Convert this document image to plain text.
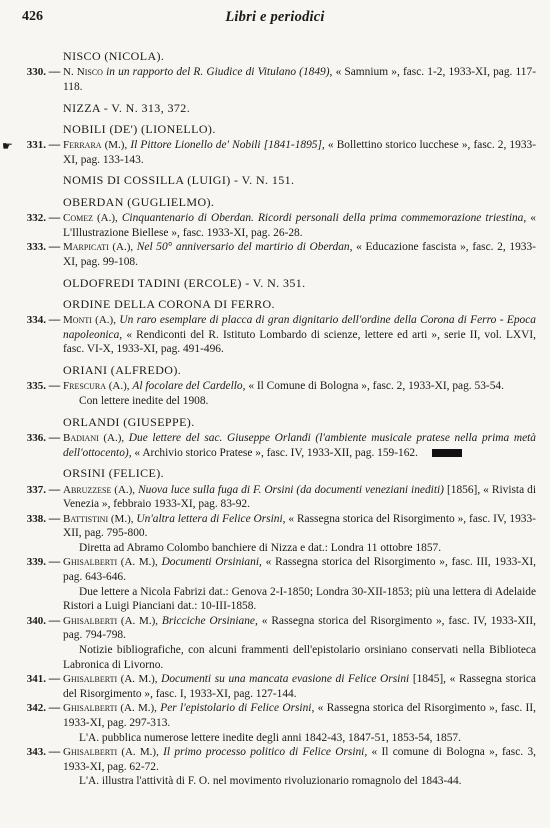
426	Libri e periodici
NISCO (NICOLA).
330. — N. Nisco in un rapporto del R. Giudice di Vitulano (1849), « Samnium », fasc. 1-2, 1933-XI, pag. 117-118.
NIZZA - V. N. 313, 372.
NOBILI (DE') (LIONELLO).
☛	331. — Ferrara (M.), Il Pittore Lionello de' Nobili [1841-1895], « Bollettino storico lucchese », fasc. 2, 1933-XI, pag. 133-143.
NOMIS DI COSSILLA (LUIGI) - V. N. 151.
OBERDAN (GUGLIELMO).
332. — Comez (A.), Cinquantenario di Oberdan. Ricordi personali della prima commemorazione triestina, « L'Illustrazione Biellese », fasc. 1933-XI, pag. 26-28.
333. — Marpicati (A.), Nel 50° anniversario del martirio di Oberdan, « Educazione fascista », fasc. 2, 1933-XI, pag. 99-108.
OLDOFREDI TADINI (ERCOLE) - V. N. 351.
ORDINE DELLA CORONA DI FERRO.
334. — Monti (A.), Un raro esemplare di placca di gran dignitario dell'ordine della Corona di Ferro - Epoca napoleonica, « Rendiconti del R. Istituto Lombardo di scienze, lettere ed arti », serie II, vol. LXVI, fasc. VI-X, 1933-XI, pag. 491-496.
ORIANI (ALFREDO).
335. — Frescura (A.), Al focolare del Cardello, « Il Comune di Bologna », fasc. 2, 1933-XI, pag. 53-54.

Con lettere inedite del 1908.

ORLANDI (GIUSEPPE).
336. — Badiani (A.), Due lettere del sac. Giuseppe Orlandi (l'ambiente musicale pratese nella prima metà dell'ottocento), « Archivio storico Pratese », fasc. IV, 1933-XII, pag. 159-162.
ORSINI (FELICE).
337. — Abruzzese (A.), Nuova luce sulla fuga di F. Orsini (da documenti veneziani inediti) [1856], « Rivista di Venezia », febbraio 1933-XI, pag. 83-92.
338. — Battistini (M.), Un'altra lettera di Felice Orsini, « Rassegna storica del Risorgimento », fasc. IV, 1933-XII, pag. 795-800.

Diretta ad Abramo Colombo banchiere di Nizza e dat.: Londra 11 ottobre 1857.

339. — Ghisalberti (A. M.), Documenti Orsiniani, « Rassegna storica del Risorgimento », fasc. III, 1933-XI, pag. 643-646.

Due lettere a Nicola Fabrizi dat.: Genova 2-I-1850; Londra 30-XII-1853; più una lettera di Adelaide Ristori a Luigi Pianciani dat.: 10-III-1858.

340. — Ghisalberti (A. M.), Bricciche Orsiniane, « Rassegna storica del Risorgimento », fasc. IV, 1933-XII, pag. 794-798.

Notizie bibliografiche, con alcuni frammenti dell'epistolario orsiniano conservati nella Biblioteca Labronica di Livorno.

341. — Ghisalberti (A. M.), Documenti su una mancata evasione di Felice Orsini [1845], « Rassegna storica del Risorgimento », fasc. I, 1933-XI, pag. 127-144.
342. — Ghisalberti (A. M.), Per l'epistolario di Felice Orsini, « Rassegna storica del Risorgimento », fasc. II, 1933-XI, pag. 297-313.

L'A. pubblica numerose lettere inedite degli anni 1842-43, 1847-51, 1853-54, 1857.

343. — Ghisalberti (A. M.), Il primo processo politico di Felice Orsini, « Il comune di Bologna », fasc. 3, 1933-XI, pag. 62-72.

L'A. illustra l'attività di F. O. nel movimento rivoluzionario romagnolo del 1843-44.
